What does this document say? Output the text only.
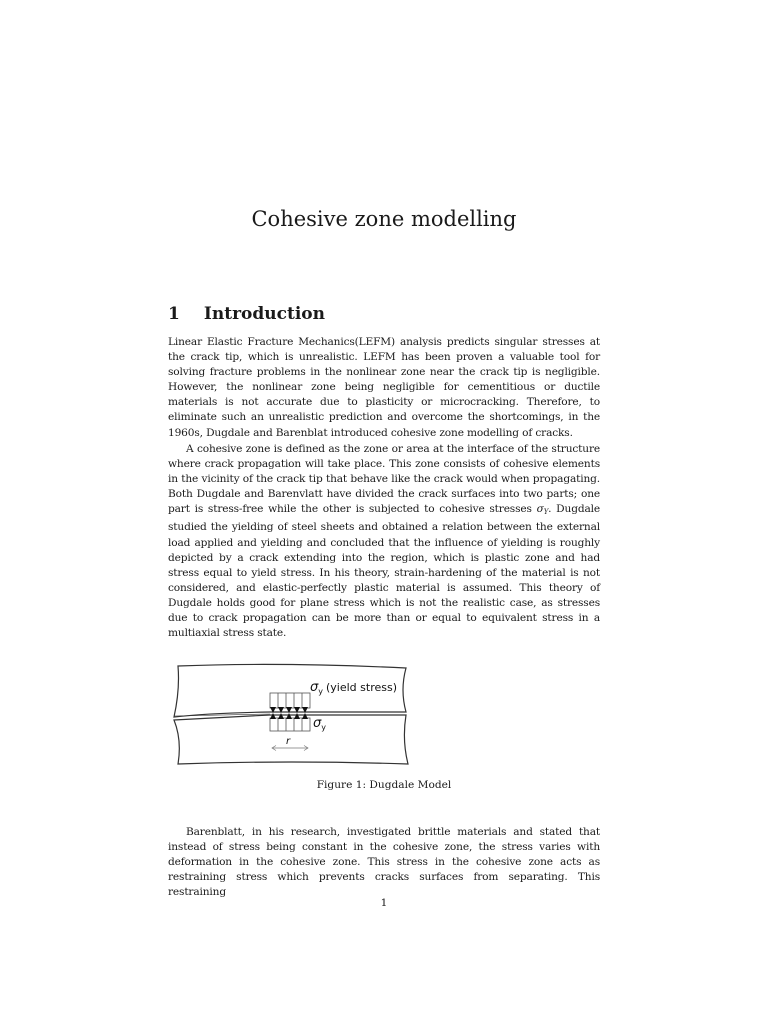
Cohesive zone modelling
1 Introduction

Linear Elastic Fracture Mechanics(LEFM) analysis predicts singular stresses at the crack tip, which is unrealistic. LEFM has been proven a valuable tool for solving fracture problems in the nonlinear zone near the crack tip is negligible. However, the nonlinear zone being negligible for cementitious or ductile materials is not accurate due to plasticity or microcracking. Therefore, to eliminate such an unrealistic prediction and overcome the shortcomings, in the 1960s, Dugdale and Barenblat introduced cohesive zone modelling of cracks.

A cohesive zone is defined as the zone or area at the interface of the structure where crack propagation will take place. This zone consists of cohesive elements in the vicinity of the crack tip that behave like the crack would when propagating. Both Dugdale and Barenvlatt have divided the crack surfaces into two parts; one part is stress-free while the other is subjected to cohesive stresses $\sigma_Y$. Dugdale studied the yielding of steel sheets and obtained a relation between the external load applied and yielding and concluded that the influence of yielding is roughly depicted by a crack extending into the region, which is plastic zone and had stress equal to yield stress. In his theory, strain-hardening of the material is not considered, and elastic-perfectly plastic material is assumed. This theory of Dugdale holds good for plane stress which is not the realistic case, as stresses due to crack propagation can be more than or equal to equivalent stress in a multiaxial stress state.

$\sigma_y$ $^{(yield stress)}$
$\sigma_y$
r
Figure 1: Dugdale Model

Barenblatt, in his research, investigated brittle materials and stated that instead of stress being constant in the cohesive zone, the stress varies with deformation in the cohesive zone. This stress in the cohesive zone acts as restraining stress which prevents cracks surfaces from separating. This restraining

1
